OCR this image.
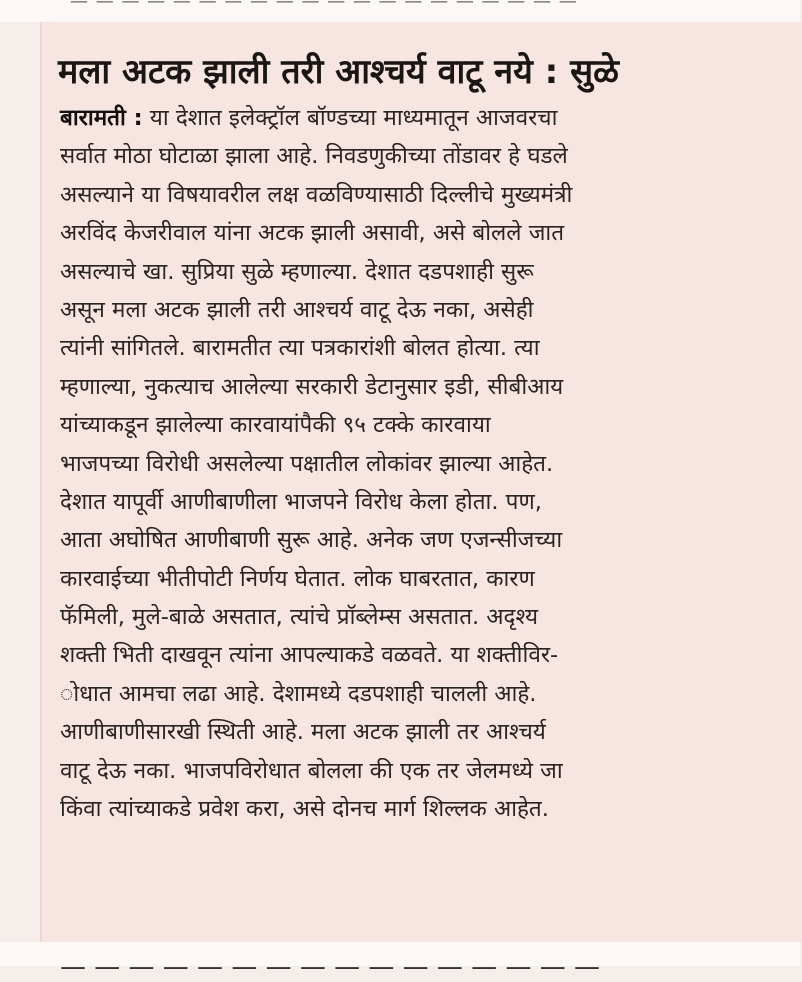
— — — — — — — — — — — — — — — — — — — —
मला अटक झाली तरी आश्चर्य वाटू नये : सुळे
बारामती : या देशात इलेक्ट्रॉल बॉण्डच्या माध्यमातून आजवरचा
सर्वात मोठा घोटाळा झाला आहे. निवडणुकीच्या तोंडावर हे घडले
असल्याने या विषयावरील लक्ष वळविण्यासाठी दिल्लीचे मुख्यमंत्री
अरविंद केजरीवाल यांना अटक झाली असावी, असे बोलले जात
असल्याचे खा. सुप्रिया सुळे म्हणाल्या. देशात दडपशाही सुरू
असून मला अटक झाली तरी आश्चर्य वाटू देऊ नका, असेही
त्यांनी सांगितले. बारामतीत त्या पत्रकारांशी बोलत होत्या. त्या
म्हणाल्या, नुकत्याच आलेल्या सरकारी डेटानुसार इडी, सीबीआय
यांच्याकडून झालेल्या कारवायांपैकी ९५ टक्के कारवाया
भाजपच्या विरोधी असलेल्या पक्षातील लोकांवर झाल्या आहेत.
देशात यापूर्वी आणीबाणीला भाजपने विरोध केला होता. पण,
आता अघोषित आणीबाणी सुरू आहे. अनेक जण एजन्सीजच्या
कारवाईच्या भीतीपोटी निर्णय घेतात. लोक घाबरतात, कारण
फॅमिली, मुले-बाळे असतात, त्यांचे प्रॉब्लेम्स असतात. अदृश्य
शक्ती भिती दाखवून त्यांना आपल्याकडे वळवते. या शक्तीविर-
ोधात आमचा लढा आहे. देशामध्ये दडपशाही चालली आहे.
आणीबाणीसारखी स्थिती आहे. मला अटक झाली तर आश्चर्य
वाटू देऊ नका. भाजपविरोधात बोलला की एक तर जेलमध्ये जा
किंवा त्यांच्याकडे प्रवेश करा, असे दोनच मार्ग शिल्लक आहेत.
— — — — — — — — — — — — — — — —
